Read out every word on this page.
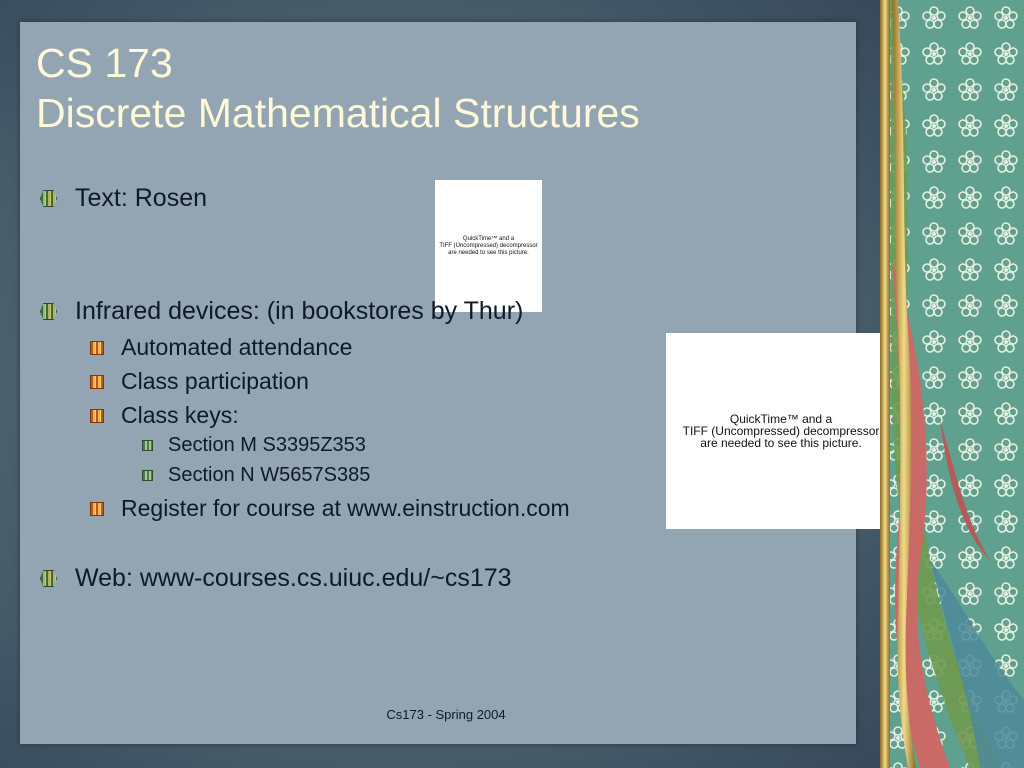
CS 173
Discrete Mathematical Structures
QuickTime™ and a
TIFF (Uncompressed) decompressor
are needed to see this picture.
Text: Rosen
Infrared devices: (in bookstores by Thur)
Automated attendance
Class participation
Class keys:
Section M S3395Z353
Section N W5657S385
Register for course at www.einstruction.com
Web: www-courses.cs.uiuc.edu/~cs173
QuickTime™ and a
TIFF (Uncompressed) decompressor
are needed to see this picture.
Cs173 - Spring 2004
